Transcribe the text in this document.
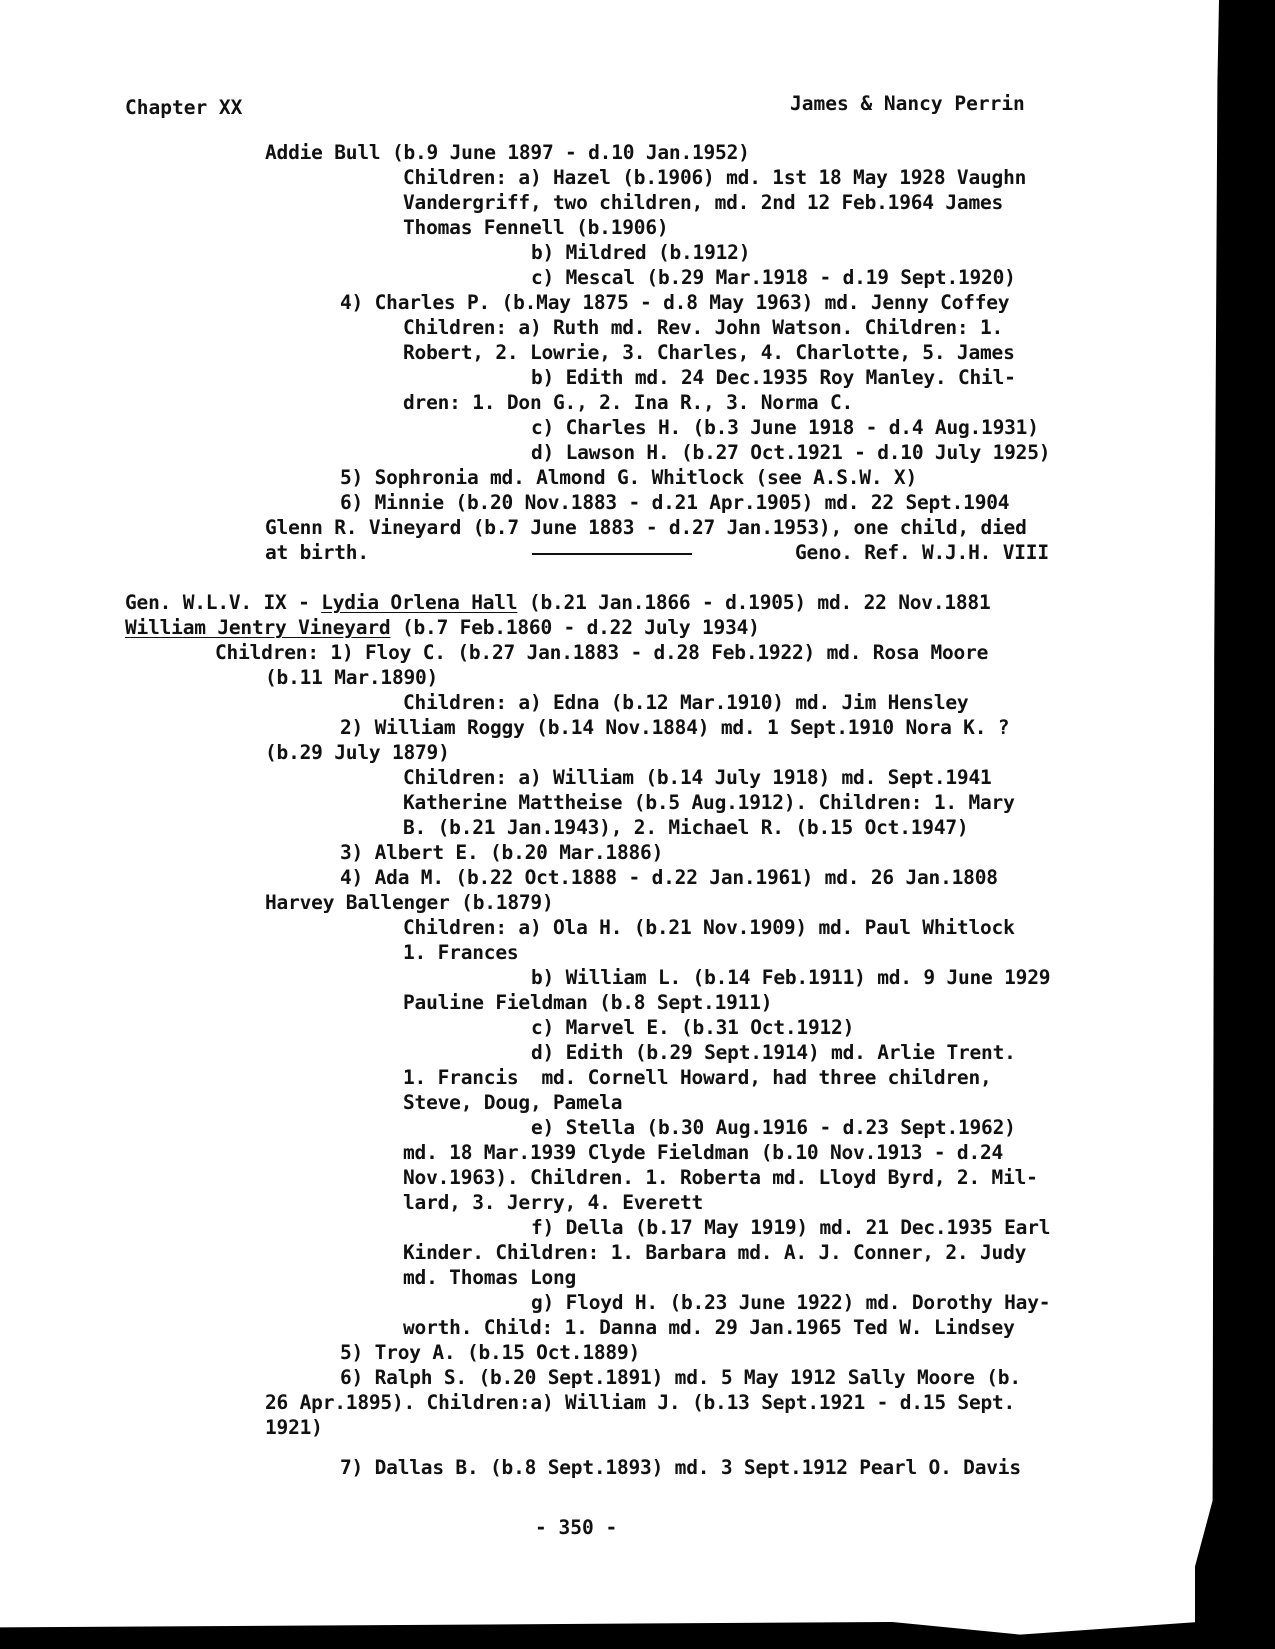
Chapter XX	James & Nancy Perrin
Addie Bull (b.9 June 1897 - d.10 Jan.1952)
Children: a) Hazel (b.1906) md. 1st 18 May 1928 Vaughn
Vandergriff, two children, md. 2nd 12 Feb.1964 James
Thomas Fennell (b.1906)
b) Mildred (b.1912)
c) Mescal (b.29 Mar.1918 - d.19 Sept.1920)
4) Charles P. (b.May 1875 - d.8 May 1963) md. Jenny Coffey
Children: a) Ruth md. Rev. John Watson. Children: 1.
Robert, 2. Lowrie, 3. Charles, 4. Charlotte, 5. James
b) Edith md. 24 Dec.1935 Roy Manley. Chil-
dren: 1. Don G., 2. Ina R., 3. Norma C.
c) Charles H. (b.3 June 1918 - d.4 Aug.1931)
d) Lawson H. (b.27 Oct.1921 - d.10 July 1925)
5) Sophronia md. Almond G. Whitlock (see A.S.W. X)
6) Minnie (b.20 Nov.1883 - d.21 Apr.1905) md. 22 Sept.1904
Glenn R. Vineyard (b.7 June 1883 - d.27 Jan.1953), one child, died
at birth.	Geno. Ref. W.J.H. VIII
Gen. W.L.V. IX - Lydia Orlena Hall (b.21 Jan.1866 - d.1905) md. 22 Nov.1881
William Jentry Vineyard (b.7 Feb.1860 - d.22 July 1934)
Children: 1) Floy C. (b.27 Jan.1883 - d.28 Feb.1922) md. Rosa Moore
(b.11 Mar.1890)
Children: a) Edna (b.12 Mar.1910) md. Jim Hensley
2) William Roggy (b.14 Nov.1884) md. 1 Sept.1910 Nora K. ?
(b.29 July 1879)
Children: a) William (b.14 July 1918) md. Sept.1941
Katherine Mattheise (b.5 Aug.1912). Children: 1. Mary
B. (b.21 Jan.1943), 2. Michael R. (b.15 Oct.1947)
3) Albert E. (b.20 Mar.1886)
4) Ada M. (b.22 Oct.1888 - d.22 Jan.1961) md. 26 Jan.1808
Harvey Ballenger (b.1879)
Children: a) Ola H. (b.21 Nov.1909) md. Paul Whitlock
1. Frances
b) William L. (b.14 Feb.1911) md. 9 June 1929
Pauline Fieldman (b.8 Sept.1911)
c) Marvel E. (b.31 Oct.1912)
d) Edith (b.29 Sept.1914) md. Arlie Trent.
1. Francis  md. Cornell Howard, had three children,
Steve, Doug, Pamela
e) Stella (b.30 Aug.1916 - d.23 Sept.1962)
md. 18 Mar.1939 Clyde Fieldman (b.10 Nov.1913 - d.24
Nov.1963). Children. 1. Roberta md. Lloyd Byrd, 2. Mil-
lard, 3. Jerry, 4. Everett
f) Della (b.17 May 1919) md. 21 Dec.1935 Earl
Kinder. Children: 1. Barbara md. A. J. Conner, 2. Judy
md. Thomas Long
g) Floyd H. (b.23 June 1922) md. Dorothy Hay-
worth. Child: 1. Danna md. 29 Jan.1965 Ted W. Lindsey
5) Troy A. (b.15 Oct.1889)
6) Ralph S. (b.20 Sept.1891) md. 5 May 1912 Sally Moore (b.
26 Apr.1895). Children:a) William J. (b.13 Sept.1921 - d.15 Sept.
1921)
7) Dallas B. (b.8 Sept.1893) md. 3 Sept.1912 Pearl O. Davis
- 350 -
